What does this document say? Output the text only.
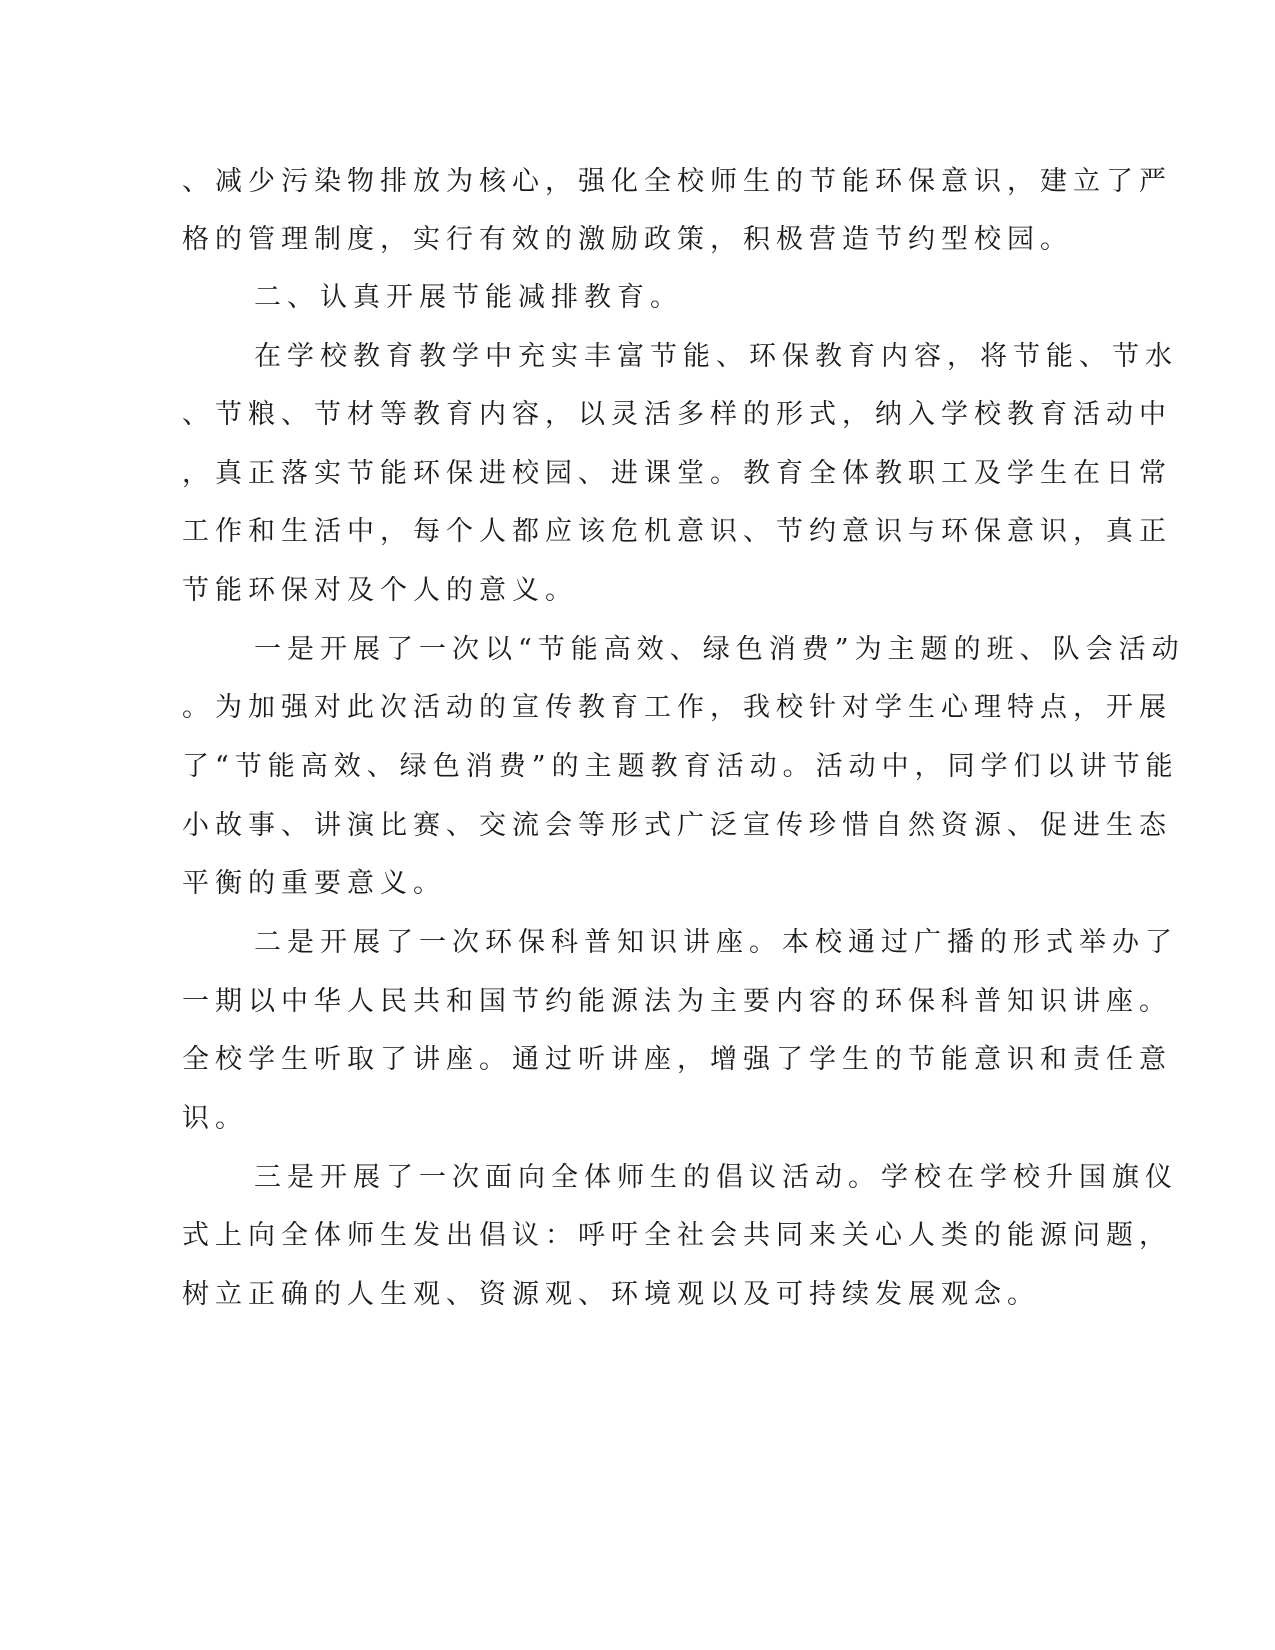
、减少污染物排放为核心，强化全校师生的节能环保意识，建立了严
格的管理制度，实行有效的激励政策，积极营造节约型校园。
二、认真开展节能减排教育。
在学校教育教学中充实丰富节能、环保教育内容，将节能、节水
、节粮、节材等教育内容，以灵活多样的形式，纳入学校教育活动中
，真正落实节能环保进校园、进课堂。教育全体教职工及学生在日常
工作和生活中，每个人都应该危机意识、节约意识与环保意识，真正
节能环保对及个人的意义。
一是开展了一次以“节能高效、绿色消费”为主题的班、队会活动
。为加强对此次活动的宣传教育工作，我校针对学生心理特点，开展
了“节能高效、绿色消费”的主题教育活动。活动中，同学们以讲节能
小故事、讲演比赛、交流会等形式广泛宣传珍惜自然资源、促进生态
平衡的重要意义。
二是开展了一次环保科普知识讲座。本校通过广播的形式举办了
一期以中华人民共和国节约能源法为主要内容的环保科普知识讲座。
全校学生听取了讲座。通过听讲座，增强了学生的节能意识和责任意
识。
三是开展了一次面向全体师生的倡议活动。学校在学校升国旗仪
式上向全体师生发出倡议：呼吁全社会共同来关心人类的能源问题，
树立正确的人生观、资源观、环境观以及可持续发展观念。
